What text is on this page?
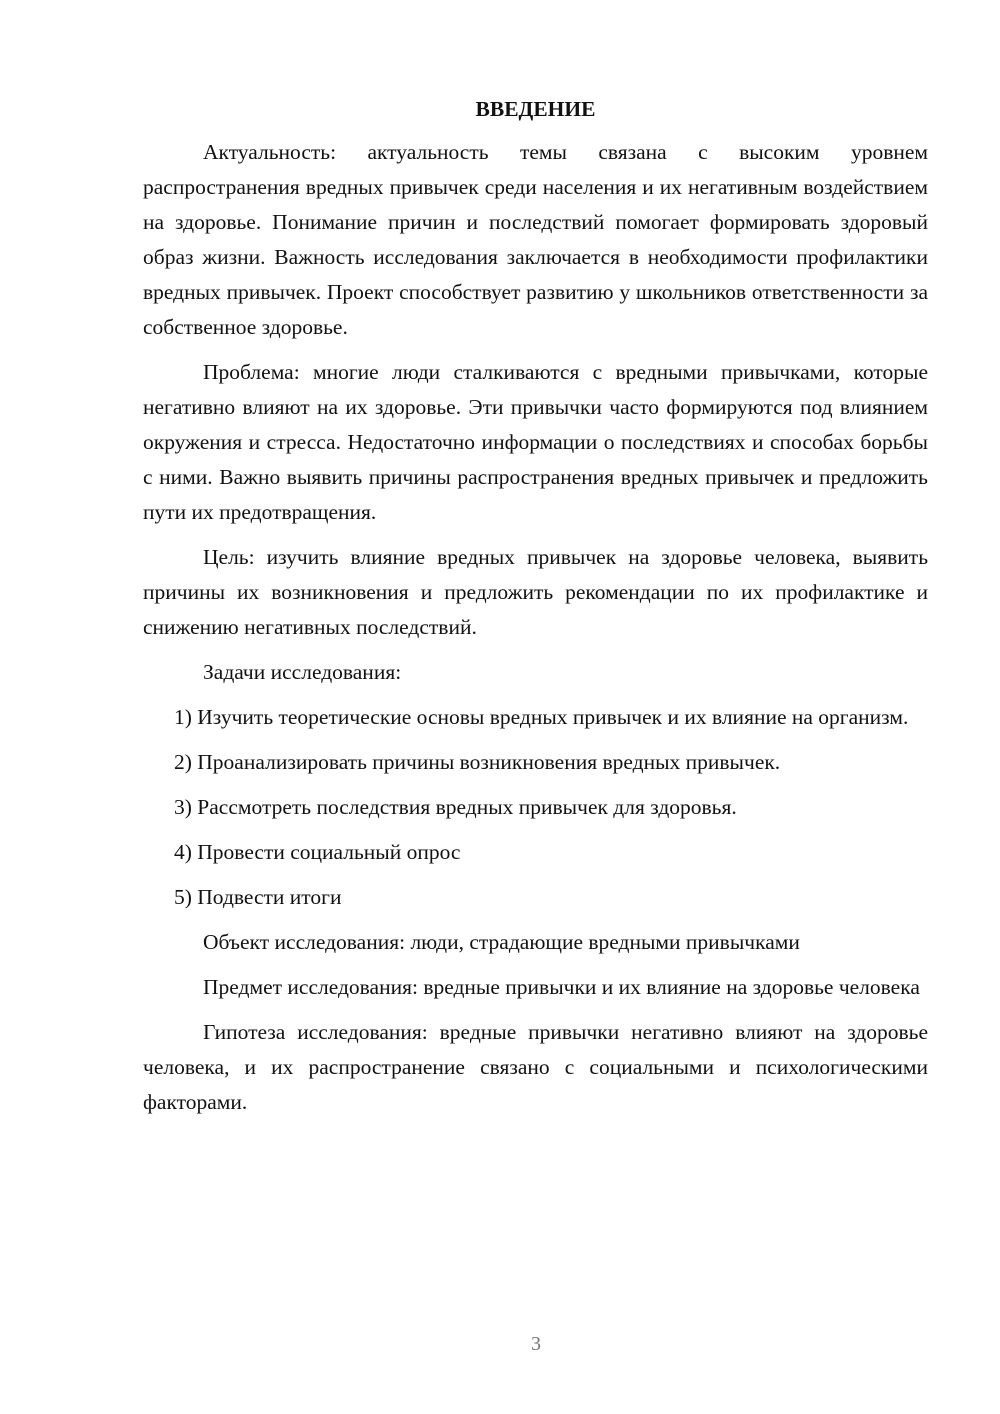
ВВЕДЕНИЕ

Актуальность: актуальность темы связана с высоким уровнем распространения вредных привычек среди населения и их негативным воздействием на здоровье. Понимание причин и последствий помогает формировать здоровый образ жизни. Важность исследования заключается в необходимости профилактики вредных привычек. Проект способствует развитию у школьников ответственности за собственное здоровье.

Проблема: многие люди сталкиваются с вредными привычками, которые негативно влияют на их здоровье. Эти привычки часто формируются под влиянием окружения и стресса. Недостаточно информации о последствиях и способах борьбы с ними. Важно выявить причины распространения вредных привычек и предложить пути их предотвращения.

Цель: изучить влияние вредных привычек на здоровье человека, выявить причины их возникновения и предложить рекомендации по их профилактике и снижению негативных последствий.

Задачи исследования:

1) Изучить теоретические основы вредных привычек и их влияние на организм.

2) Проанализировать причины возникновения вредных привычек.

3) Рассмотреть последствия вредных привычек для здоровья.

4) Провести социальный опрос

5) Подвести итоги

Объект исследования: люди, страдающие вредными привычками

Предмет исследования: вредные привычки и их влияние на здоровье человека

Гипотеза исследования: вредные привычки негативно влияют на здоровье человека, и их распространение связано с социальными и психологическими факторами.

3
